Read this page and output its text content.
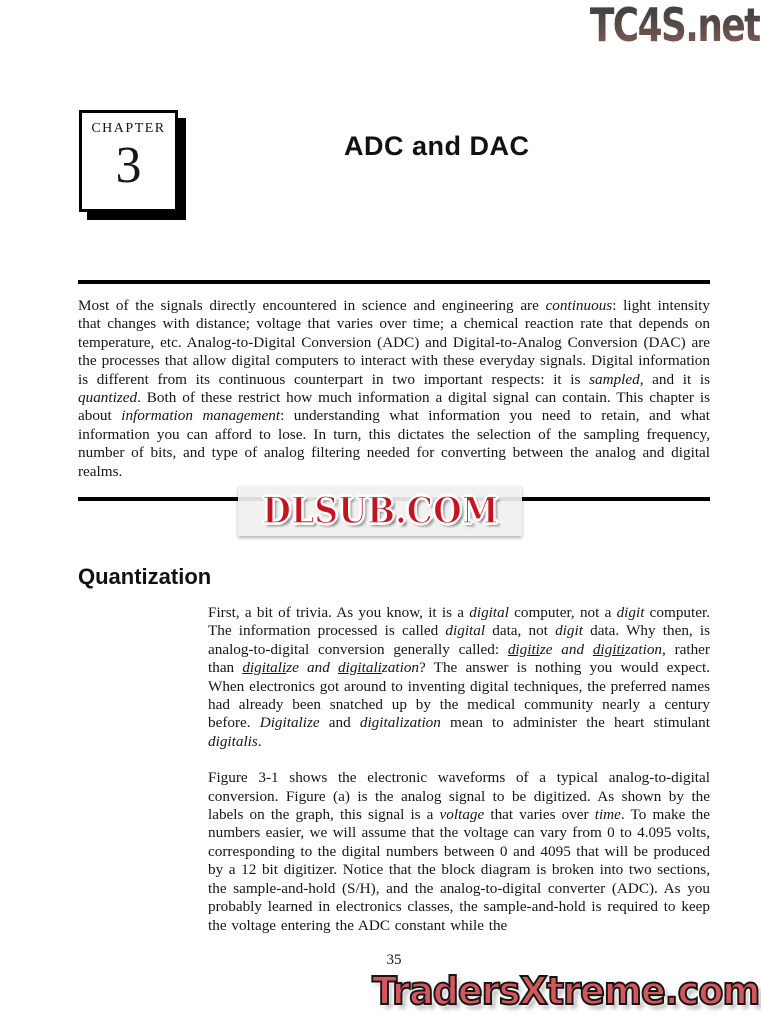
TC4S.net
CHAPTER
3	ADC and DAC
Most of the signals directly encountered in science and engineering are continuous: light intensity that changes with distance; voltage that varies over time; a chemical reaction rate that depends on temperature, etc. Analog-to-Digital Conversion (ADC) and Digital-to-Analog Conversion (DAC) are the processes that allow digital computers to interact with these everyday signals. Digital information is different from its continuous counterpart in two important respects: it is sampled, and it is quantized. Both of these restrict how much information a digital signal can contain. This chapter is about information management: understanding what information you need to retain, and what information you can afford to lose. In turn, this dictates the selection of the sampling frequency, number of bits, and type of analog filtering needed for converting between the analog and digital realms.
DLSUB.COM
Quantization

First, a bit of trivia. As you know, it is a digital computer, not a digit computer. The information processed is called digital data, not digit data. Why then, is analog-to-digital conversion generally called: digitize and digitization, rather than digitalize and digitalization? The answer is nothing you would expect. When electronics got around to inventing digital techniques, the preferred names had already been snatched up by the medical community nearly a century before. Digitalize and digitalization mean to administer the heart stimulant digitalis.

Figure 3-1 shows the electronic waveforms of a typical analog-to-digital conversion. Figure (a) is the analog signal to be digitized. As shown by the labels on the graph, this signal is a voltage that varies over time. To make the numbers easier, we will assume that the voltage can vary from 0 to 4.095 volts, corresponding to the digital numbers between 0 and 4095 that will be produced by a 12 bit digitizer. Notice that the block diagram is broken into two sections, the sample-and-hold (S/H), and the analog-to-digital converter (ADC). As you probably learned in electronics classes, the sample-and-hold is required to keep the voltage entering the ADC constant while the

35
TradersXtreme.com
